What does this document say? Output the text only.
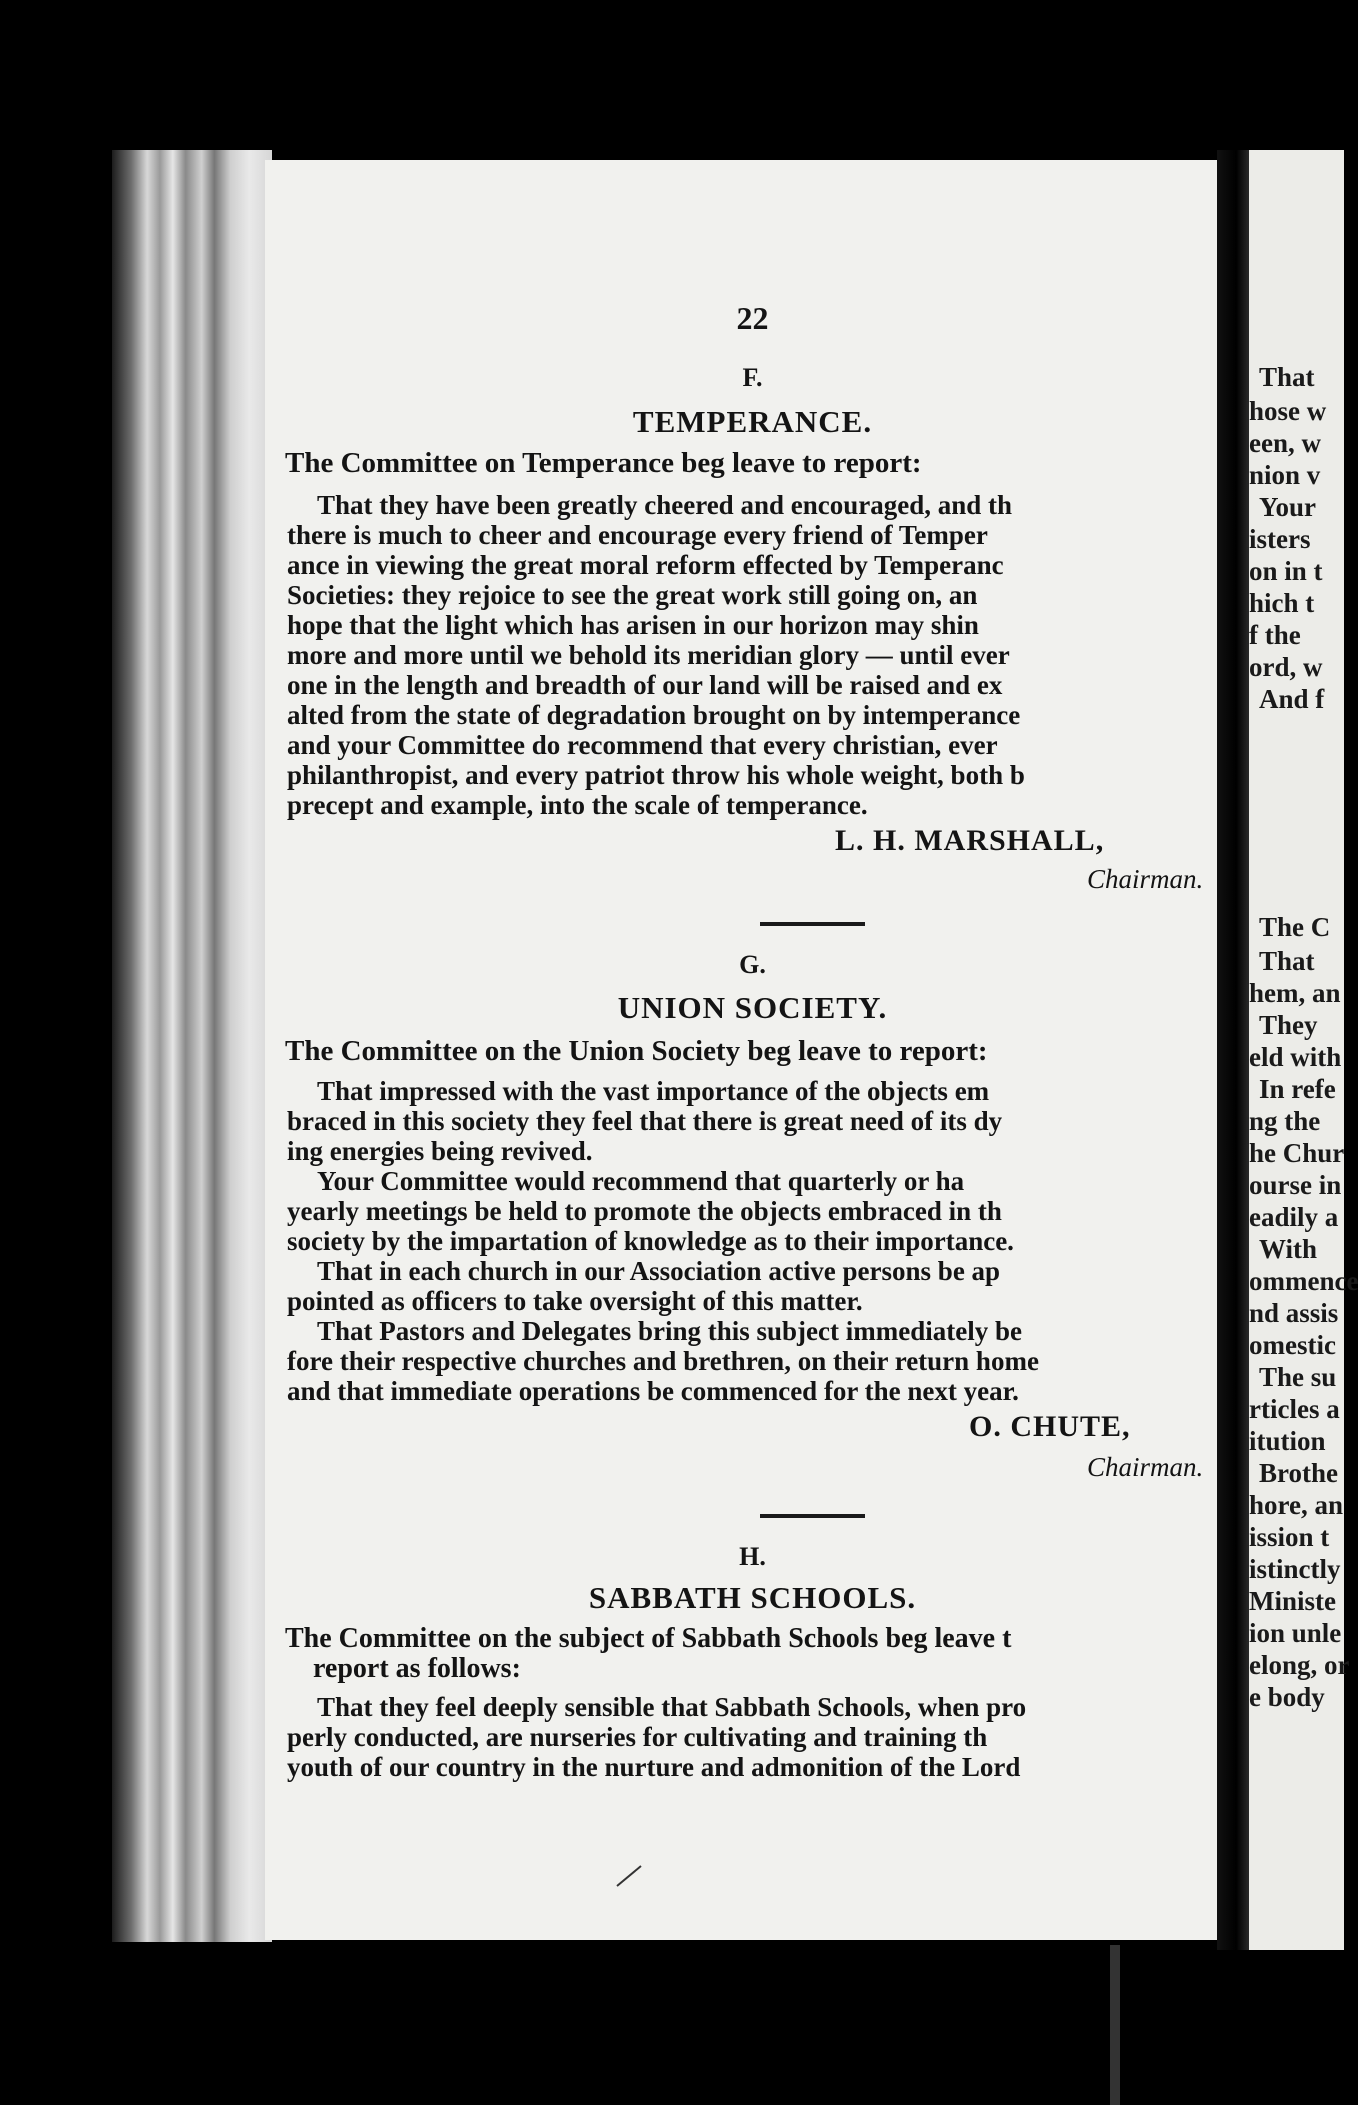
22
F.
TEMPERANCE.
The Committee on Temperance beg leave to report:
That they have been greatly cheered and encouraged, and th
there is much to cheer and encourage every friend of Temper
ance in viewing the great moral reform effected by Temperanc
Societies: they rejoice to see the great work still going on, an
hope that the light which has arisen in our horizon may shin
more and more until we behold its meridian glory — until ever
one in the length and breadth of our land will be raised and ex
alted from the state of degradation brought on by intemperance
and your Committee do recommend that every christian, ever
philanthropist, and every patriot throw his whole weight, both b
precept and example, into the scale of temperance.
L. H. MARSHALL,
Chairman.
G.
UNION SOCIETY.
The Committee on the Union Society beg leave to report:
That impressed with the vast importance of the objects em
braced in this society they feel that there is great need of its dy
ing energies being revived.
Your Committee would recommend that quarterly or ha
yearly meetings be held to promote the objects embraced in th
society by the impartation of knowledge as to their importance.
That in each church in our Association active persons be ap
pointed as officers to take oversight of this matter.
That Pastors and Delegates bring this subject immediately be
fore their respective churches and brethren, on their return home
and that immediate operations be commenced for the next year.
O. CHUTE,
Chairman.
H.
SABBATH SCHOOLS.
The Committee on the subject of Sabbath Schools beg leave t
report as follows:
That they feel deeply sensible that Sabbath Schools, when pro
perly conducted, are nurseries for cultivating and training th
youth of our country in the nurture and admonition of the Lord
That
hose w
een, w
nion v
Your
isters
on in t
hich t
f the
ord, w
And f
The C
That
hem, an
They
eld with
In refe
ng the
he Chur
ourse in
eadily a
With
ommence
nd assis
omestic
The su
rticles a
itution
Brothe
hore, an
ission t
istinctly
Ministe
ion unle
elong, or
e body
